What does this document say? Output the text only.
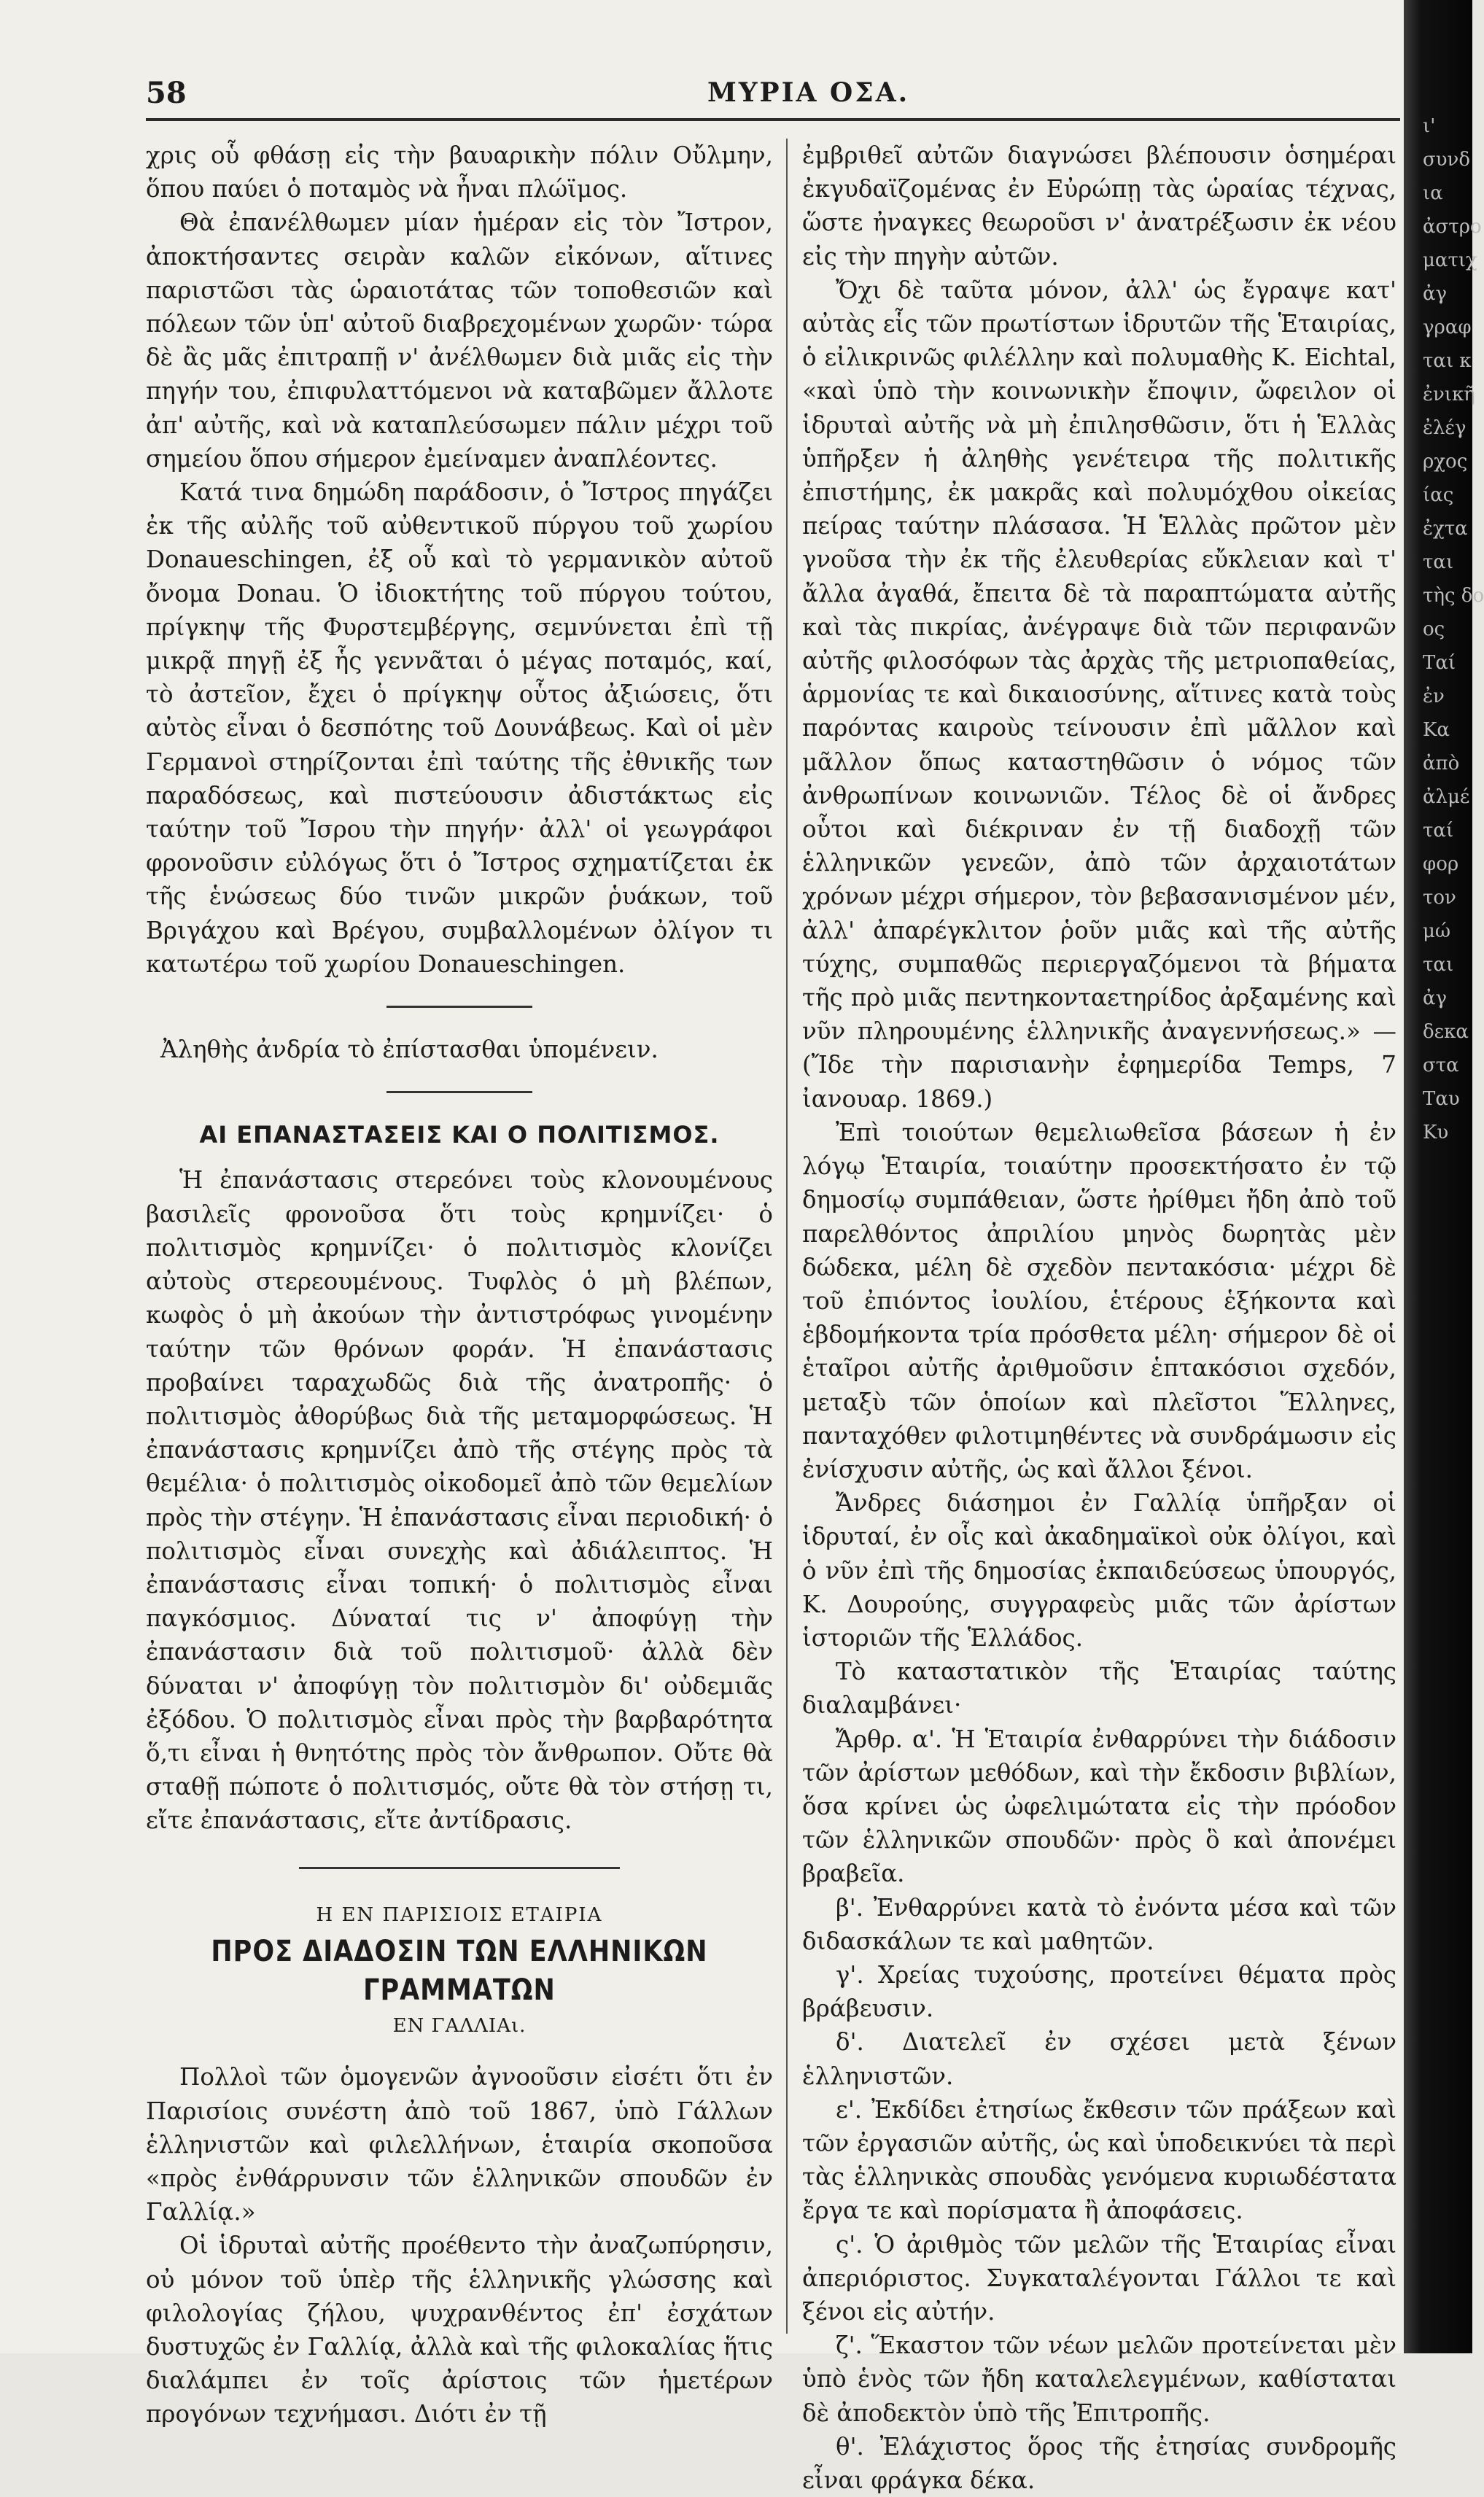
58	ΜΥΡΙΑ ΟΣΑ.

χρις οὗ φθάσῃ εἰς τὴν βαυαρικὴν πόλιν Οὔλμην, ὅπου παύει ὁ ποταμὸς νὰ ἦναι πλώϊμος.

Θὰ ἐπανέλθωμεν μίαν ἡμέραν εἰς τὸν Ἴστρον, ἀποκτήσαντες σειρὰν καλῶν εἰκόνων, αἵτινες παριστῶσι τὰς ὡραιοτάτας τῶν τοποθεσιῶν καὶ πόλεων τῶν ὑπ' αὐτοῦ διαβρεχομένων χωρῶν· τώρα δὲ ἂς μᾶς ἐπιτραπῇ ν' ἀνέλθωμεν διὰ μιᾶς εἰς τὴν πηγήν του, ἐπιφυλαττόμενοι νὰ καταβῶμεν ἄλλοτε ἀπ' αὐτῆς, καὶ νὰ καταπλεύσωμεν πάλιν μέχρι τοῦ σημείου ὅπου σήμερον ἐμείναμεν ἀναπλέοντες.

Κατά τινα δημώδη παράδοσιν, ὁ Ἴστρος πηγάζει ἐκ τῆς αὐλῆς τοῦ αὐθεντικοῦ πύργου τοῦ χωρίου Donaueschingen, ἐξ οὗ καὶ τὸ γερμανικὸν αὐτοῦ ὄνομα Donau. Ὁ ἰδιοκτήτης τοῦ πύργου τούτου, πρίγκηψ τῆς Φυρστεμβέργης, σεμνύνεται ἐπὶ τῇ μικρᾷ πηγῇ ἐξ ἧς γεννᾶται ὁ μέγας ποταμός, καί, τὸ ἀστεῖον, ἔχει ὁ πρίγκηψ οὗτος ἀξιώσεις, ὅτι αὐτὸς εἶναι ὁ δεσπότης τοῦ Δουνάβεως. Καὶ οἱ μὲν Γερμανοὶ στηρίζονται ἐπὶ ταύτης τῆς ἐθνικῆς των παραδόσεως, καὶ πιστεύουσιν ἀδιστάκτως εἰς ταύτην τοῦ Ἴσρου τὴν πηγήν· ἀλλ' οἱ γεωγράφοι φρονοῦσιν εὐλόγως ὅτι ὁ Ἴστρος σχηματίζεται ἐκ τῆς ἑνώσεως δύο τινῶν μικρῶν ῥυάκων, τοῦ Βριγάχου καὶ Βρέγου, συμβαλλομένων ὀλίγον τι κατωτέρω τοῦ χωρίου Donaueschingen.

Ἀληθὴς ἀνδρία τὸ ἐπίστασθαι ὑπομένειν.

ΑΙ ΕΠΑΝΑΣΤΑΣΕΙΣ ΚΑΙ Ο ΠΟΛΙΤΙΣΜΟΣ.

Ἡ ἐπανάστασις στερεόνει τοὺς κλονουμένους βασιλεῖς φρονοῦσα ὅτι τοὺς κρημνίζει· ὁ πολιτισμὸς κρημνίζει· ὁ πολιτισμὸς κλονίζει αὐτοὺς στερεουμένους. Τυφλὸς ὁ μὴ βλέπων, κωφὸς ὁ μὴ ἀκούων τὴν ἀντιστρόφως γινομένην ταύτην τῶν θρόνων φοράν. Ἡ ἐπανάστασις προβαίνει ταραχωδῶς διὰ τῆς ἀνατροπῆς· ὁ πολιτισμὸς ἀθορύβως διὰ τῆς μεταμορφώσεως. Ἡ ἐπανάστασις κρημνίζει ἀπὸ τῆς στέγης πρὸς τὰ θεμέλια· ὁ πολιτισμὸς οἰκοδομεῖ ἀπὸ τῶν θεμελίων πρὸς τὴν στέγην. Ἡ ἐπανάστασις εἶναι περιοδική· ὁ πολιτισμὸς εἶναι συνεχὴς καὶ ἀδιάλειπτος. Ἡ ἐπανάστασις εἶναι τοπική· ὁ πολιτισμὸς εἶναι παγκόσμιος. Δύναταί τις ν' ἀποφύγῃ τὴν ἐπανάστασιν διὰ τοῦ πολιτισμοῦ· ἀλλὰ δὲν δύναται ν' ἀποφύγῃ τὸν πολιτισμὸν δι' οὐδεμιᾶς ἐξόδου. Ὁ πολιτισμὸς εἶναι πρὸς τὴν βαρβαρότητα ὅ,τι εἶναι ἡ θνητότης πρὸς τὸν ἄνθρωπον. Οὔτε θὰ σταθῇ πώποτε ὁ πολιτισμός, οὔτε θὰ τὸν στήσῃ τι, εἴτε ἐπανάστασις, εἴτε ἀντίδρασις.

Η ΕΝ ΠΑΡΙΣΙΟΙΣ ΕΤΑΙΡΙΑ
ΠΡΟΣ ΔΙΑΔΟΣΙΝ ΤΩΝ ΕΛΛΗΝΙΚΩΝ ΓΡΑΜΜΑΤΩΝ
ΕΝ ΓΑΛΛΙΑι.

Πολλοὶ τῶν ὁμογενῶν ἀγνοοῦσιν εἰσέτι ὅτι ἐν Παρισίοις συνέστη ἀπὸ τοῦ 1867, ὑπὸ Γάλλων ἑλληνιστῶν καὶ φιλελλήνων, ἑταιρία σκοποῦσα «πρὸς ἐνθάρρυνσιν τῶν ἑλληνικῶν σπουδῶν ἐν Γαλλίᾳ.»

Οἱ ἱδρυταὶ αὐτῆς προέθεντο τὴν ἀναζωπύρησιν, οὐ μόνον τοῦ ὑπὲρ τῆς ἑλληνικῆς γλώσσης καὶ φιλολογίας ζήλου, ψυχρανθέντος ἐπ' ἐσχάτων δυστυχῶς ἐν Γαλλίᾳ, ἀλλὰ καὶ τῆς φιλοκαλίας ἥτις διαλάμπει ἐν τοῖς ἀρίστοις τῶν ἡμετέρων προγόνων τεχνήμασι. Διότι ἐν τῇ

ἐμβριθεῖ αὐτῶν διαγνώσει βλέπουσιν ὁσημέραι ἐκγυδαϊζομένας ἐν Εὐρώπῃ τὰς ὡραίας τέχνας, ὥστε ἠναγκες θεωροῦσι ν' ἀνατρέξωσιν ἐκ νέου εἰς τὴν πηγὴν αὐτῶν.

Ὄχι δὲ ταῦτα μόνον, ἀλλ' ὡς ἔγραψε κατ' αὐτὰς εἷς τῶν πρωτίστων ἱδρυτῶν τῆς Ἑταιρίας, ὁ εἰλικρινῶς φιλέλλην καὶ πολυμαθὴς Κ. Eichtal, «καὶ ὑπὸ τὴν κοινωνικὴν ἔποψιν, ὤφειλον οἱ ἱδρυταὶ αὐτῆς νὰ μὴ ἐπιλησθῶσιν, ὅτι ἡ Ἑλλὰς ὑπῆρξεν ἡ ἀληθὴς γενέτειρα τῆς πολιτικῆς ἐπιστήμης, ἐκ μακρᾶς καὶ πολυμόχθου οἰκείας πείρας ταύτην πλάσασα. Ἡ Ἑλλὰς πρῶτον μὲν γνοῦσα τὴν ἐκ τῆς ἐλευθερίας εὔκλειαν καὶ τ' ἄλλα ἀγαθά, ἔπειτα δὲ τὰ παραπτώματα αὐτῆς καὶ τὰς πικρίας, ἀνέγραψε διὰ τῶν περιφανῶν αὐτῆς φιλοσόφων τὰς ἀρχὰς τῆς μετριοπαθείας, ἁρμονίας τε καὶ δικαιοσύνης, αἵτινες κατὰ τοὺς παρόντας καιροὺς τείνουσιν ἐπὶ μᾶλλον καὶ μᾶλλον ὅπως καταστηθῶσιν ὁ νόμος τῶν ἀνθρωπίνων κοινωνιῶν. Τέλος δὲ οἱ ἄνδρες οὗτοι καὶ διέκριναν ἐν τῇ διαδοχῇ τῶν ἑλληνικῶν γενεῶν, ἀπὸ τῶν ἀρχαιοτάτων χρόνων μέχρι σήμερον, τὸν βεβασανισμένον μέν, ἀλλ' ἀπαρέγκλιτον ῥοῦν μιᾶς καὶ τῆς αὐτῆς τύχης, συμπαθῶς περιεργαζόμενοι τὰ βήματα τῆς πρὸ μιᾶς πεντηκονταετηρίδος ἀρξαμένης καὶ νῦν πληρουμένης ἑλληνικῆς ἀναγεννήσεως.» — (Ἴδε τὴν παρισιανὴν ἐφημερίδα Temps, 7 ἰανουαρ. 1869.)

Ἐπὶ τοιούτων θεμελιωθεῖσα βάσεων ἡ ἐν λόγῳ Ἑταιρία, τοιαύτην προσεκτήσατο ἐν τῷ δημοσίῳ συμπάθειαν, ὥστε ἠρίθμει ἤδη ἀπὸ τοῦ παρελθόντος ἀπριλίου μηνὸς δωρητὰς μὲν δώδεκα, μέλη δὲ σχεδὸν πεντακόσια· μέχρι δὲ τοῦ ἐπιόντος ἰουλίου, ἑτέρους ἑξήκοντα καὶ ἑβδομήκοντα τρία πρόσθετα μέλη· σήμερον δὲ οἱ ἑταῖροι αὐτῆς ἀριθμοῦσιν ἑπτακόσιοι σχεδόν, μεταξὺ τῶν ὁποίων καὶ πλεῖστοι Ἕλληνες, πανταχόθεν φιλοτιμηθέντες νὰ συνδράμωσιν εἰς ἐνίσχυσιν αὐτῆς, ὡς καὶ ἄλλοι ξένοι.

Ἄνδρες διάσημοι ἐν Γαλλίᾳ ὑπῆρξαν οἱ ἱδρυταί, ἐν οἷς καὶ ἀκαδημαϊκοὶ οὐκ ὀλίγοι, καὶ ὁ νῦν ἐπὶ τῆς δημοσίας ἐκπαιδεύσεως ὑπουργός, Κ. Δουρούης, συγγραφεὺς μιᾶς τῶν ἀρίστων ἱστοριῶν τῆς Ἑλλάδος.

Τὸ καταστατικὸν τῆς Ἑταιρίας ταύτης διαλαμβάνει·

Ἄρθρ. α'. Ἡ Ἑταιρία ἐνθαρρύνει τὴν διάδοσιν τῶν ἀρίστων μεθόδων, καὶ τὴν ἔκδοσιν βιβλίων, ὅσα κρίνει ὡς ὠφελιμώτατα εἰς τὴν πρόοδον τῶν ἑλληνικῶν σπουδῶν· πρὸς ὃ καὶ ἀπονέμει βραβεῖα.

β'. Ἐνθαρρύνει κατὰ τὸ ἐνόντα μέσα καὶ τῶν διδασκάλων τε καὶ μαθητῶν.

γ'. Χρείας τυχούσης, προτείνει θέματα πρὸς βράβευσιν.

δ'. Διατελεῖ ἐν σχέσει μετὰ ξένων ἑλληνιστῶν.

ε'. Ἐκδίδει ἐτησίως ἔκθεσιν τῶν πράξεων καὶ τῶν ἐργασιῶν αὐτῆς, ὡς καὶ ὑποδεικνύει τὰ περὶ τὰς ἑλληνικὰς σπουδὰς γενόμενα κυριωδέστατα ἔργα τε καὶ πορίσματα ἢ ἀποφάσεις.

ς'. Ὁ ἀριθμὸς τῶν μελῶν τῆς Ἑταιρίας εἶναι ἀπεριόριστος. Συγκαταλέγονται Γάλλοι τε καὶ ξένοι εἰς αὐτήν.

ζ'. Ἕκαστον τῶν νέων μελῶν προτείνεται μὲν ὑπὸ ἑνὸς τῶν ἤδη καταλελεγμένων, καθίσταται δὲ ἀποδεκτὸν ὑπὸ τῆς Ἐπιτροπῆς.

θ'. Ἐλάχιστος ὅρος τῆς ἐτησίας συνδρομῆς εἶναι φράγκα δέκα.

ι'
συνδ
ια
ἀστρο
ματιχ
ἀγ
γραφ
ται κ
ἐνικῆ
ἐλέγ
ρχος
ίας
ἐχτα
ται
τὴς δο
ος
Ταί
ἐν
Κα
ἀπὸ
ἀλμέ
ταί
φορ
τον
μώ
ται
ἀγ
δεκα
στα
Ταυ
Κυ
